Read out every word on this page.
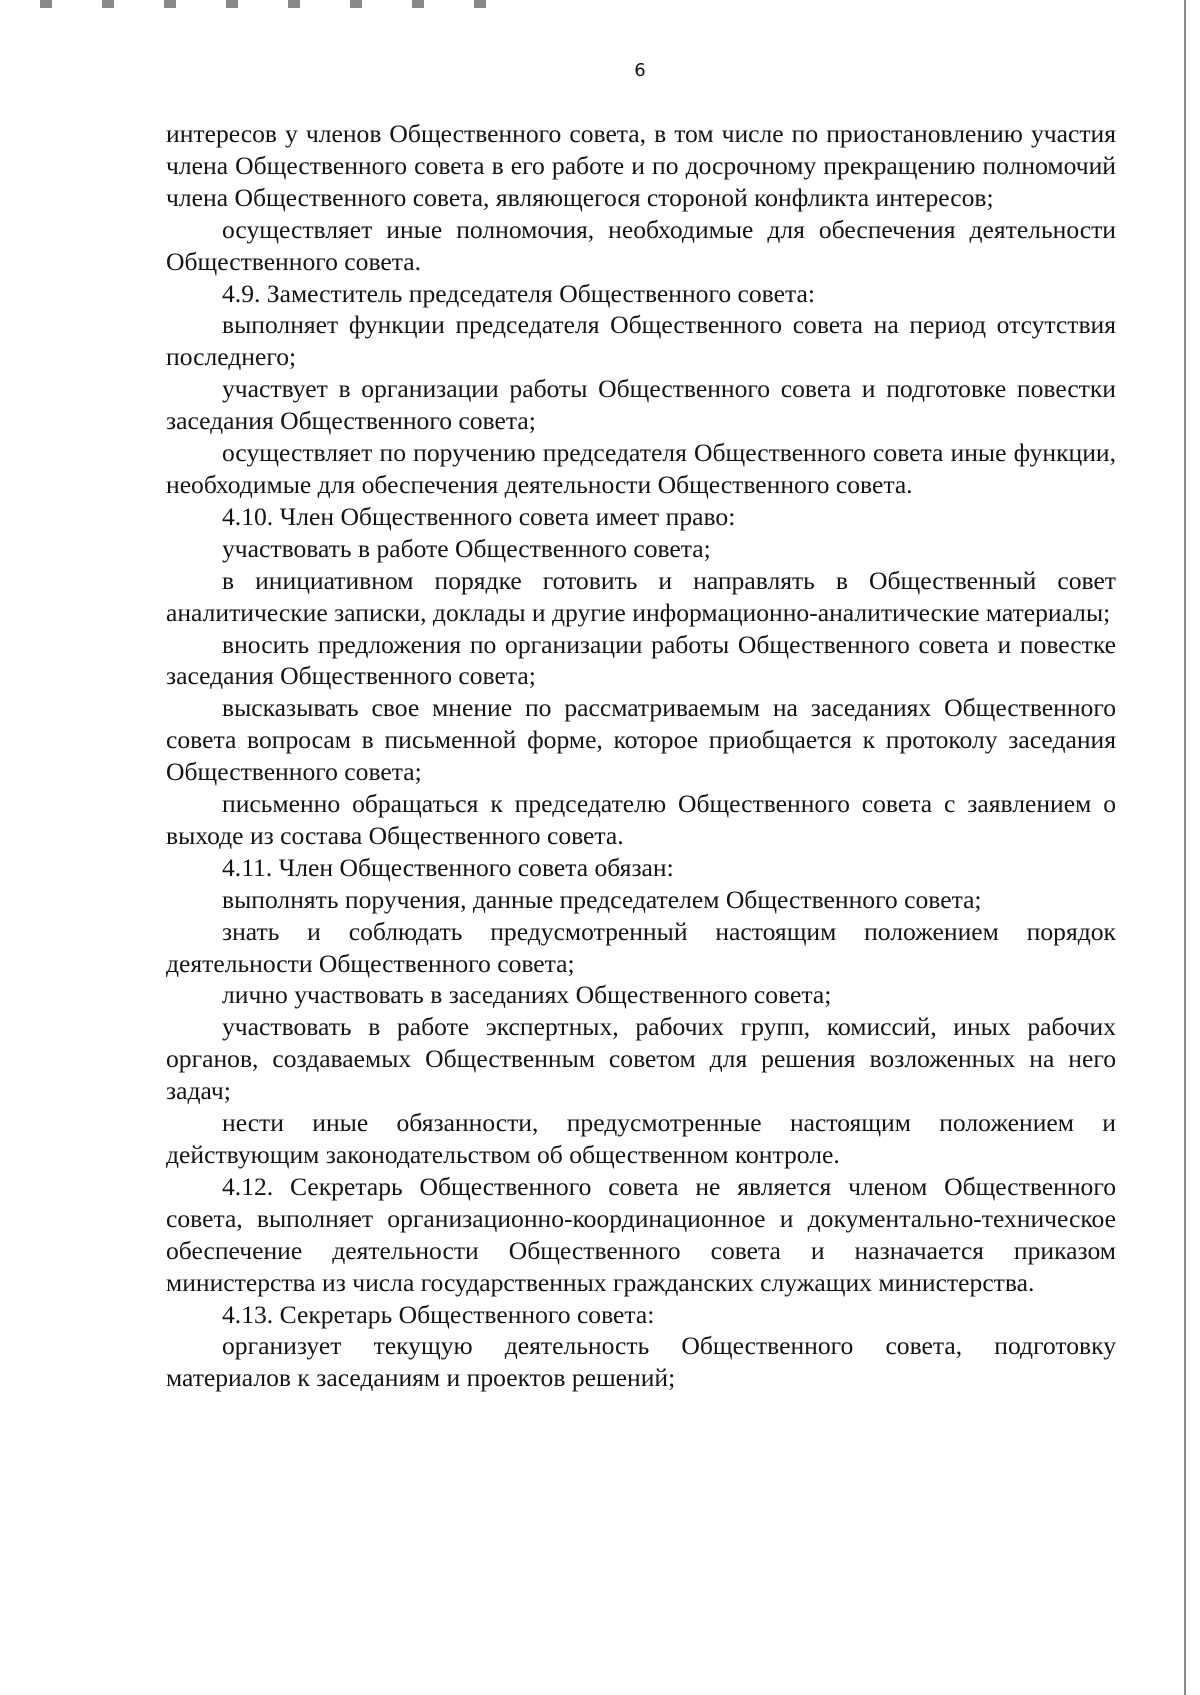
6

интересов у членов Общественного совета, в том числе по приостановлению участия члена Общественного совета в его работе и по досрочному прекращению полномочий члена Общественного совета, являющегося стороной конфликта интересов;

осуществляет иные полномочия, необходимые для обеспечения деятельности Общественного совета.

4.9. Заместитель председателя Общественного совета:

выполняет функции председателя Общественного совета на период отсутствия последнего;

участвует в организации работы Общественного совета и подготовке повестки заседания Общественного совета;

осуществляет по поручению председателя Общественного совета иные функции, необходимые для обеспечения деятельности Общественного совета.

4.10. Член Общественного совета имеет право:

участвовать в работе Общественного совета;

в инициативном порядке готовить и направлять в Общественный совет аналитические записки, доклады и другие информационно-аналитические материалы;

вносить предложения по организации работы Общественного совета и повестке заседания Общественного совета;

высказывать свое мнение по рассматриваемым на заседаниях Общественного совета вопросам в письменной форме, которое приобщается к протоколу заседания Общественного совета;

письменно обращаться к председателю Общественного совета с заявлением о выходе из состава Общественного совета.

4.11. Член Общественного совета обязан:

выполнять поручения, данные председателем Общественного совета;

знать и соблюдать предусмотренный настоящим положением порядок деятельности Общественного совета;

лично участвовать в заседаниях Общественного совета;

участвовать в работе экспертных, рабочих групп, комиссий, иных рабочих органов, создаваемых Общественным советом для решения возложенных на него задач;

нести иные обязанности, предусмотренные настоящим положением и действующим законодательством об общественном контроле.

4.12. Секретарь Общественного совета не является членом Общественного совета, выполняет организационно-координационное и документально-техническое обеспечение деятельности Общественного совета и назначается приказом министерства из числа государственных гражданских служащих министерства.

4.13. Секретарь Общественного совета:

организует текущую деятельность Общественного совета, подготовку материалов к заседаниям и проектов решений;
